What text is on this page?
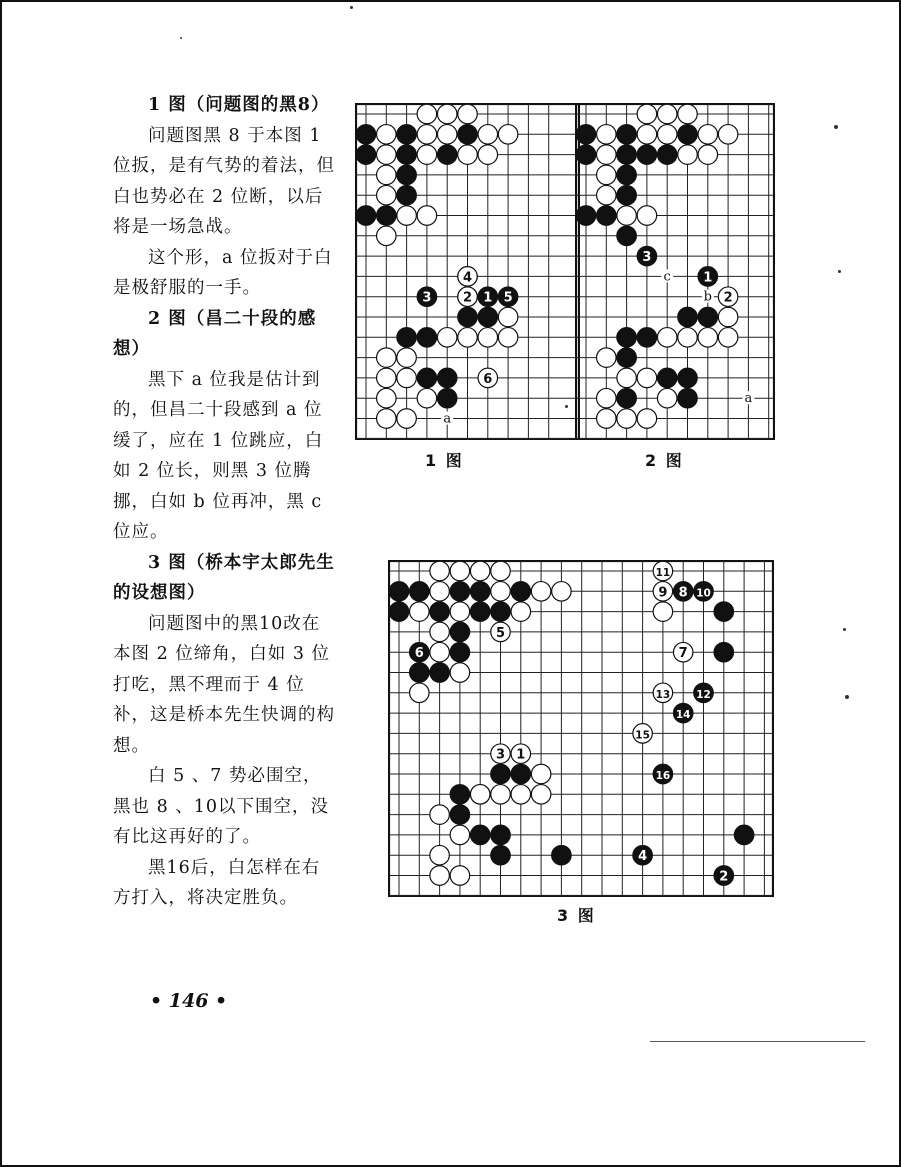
1 图（问题图的黑8）

问题图黑 8 于本图 1 位扳，是有气势的着法，但白也势必在 2 位断，以后将是一场急战。

这个形，a 位扳对于白是极舒服的一手。

2 图（昌二十段的感想）

黑下 a 位我是估计到的，但昌二十段感到 a 位缓了，应在 1 位跳应，白如 2 位长，则黑 3 位腾挪，白如 b 位再冲，黑 c 位应。

3 图（桥本宇太郎先生的设想图）

问题图中的黑10改在本图 2 位缔角，白如 3 位打吃，黑不理而于 4 位补，这是桥本先生快调的构想。

白 5 、7 势必围空，黑也 8 、10以下围空，没有比这再好的了。

黑16后，白怎样在右方打入，将决定胜负。

1
2
3
4
5
6
a
1
2
3
a
b
c
1
2
3
4
5
6	7
8
9	10
11
12
13
14
15
16
1 图	2 图
3 图
• 146 •
